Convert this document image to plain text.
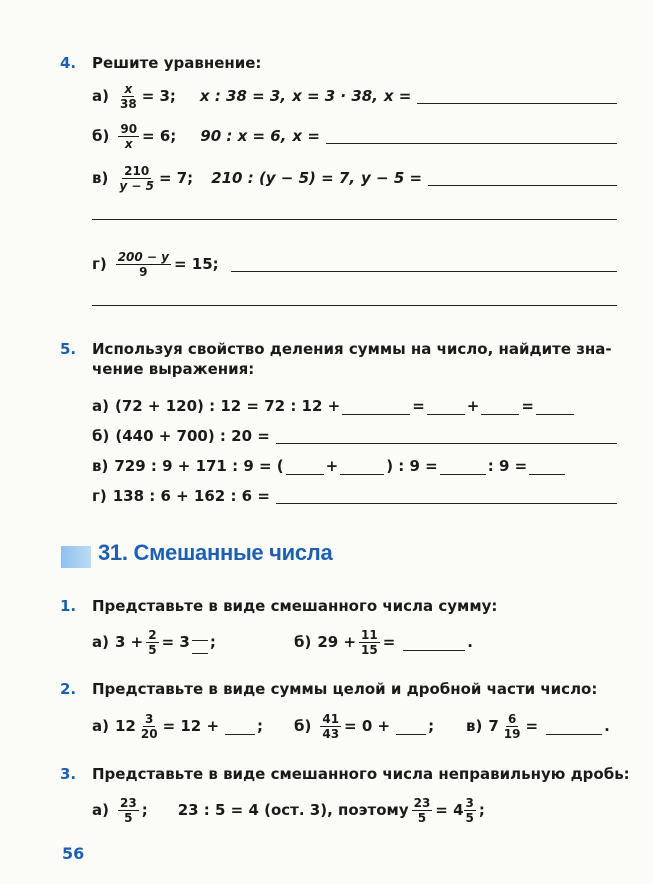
4. Решите уравнение:
$а) \frac{x}{38} = 3$; x : 38 = 3, x = 3 · 38, x =
$б) \frac{90}{x} = 6$; 90 : x = 6, x =
$в) \frac{210}{y - 5} = 7$; 210 : (y − 5) = 7, y − 5 =
$г) \frac{200 - y}{9} = 15$;
5. Используя свойство деления суммы на число, найдите зна-
чение выражения:
а) (72 + 120) : 12 = 72 : 12 +	=	+	=
б) (440 + 700) : 20 =
в) 729 : 9 + 171 : 9 = (	+	) : 9 =	: 9 =
г) 138 : 6 + 162 : 6 =
31. Смешанные числа
1. Представьте в виде смешанного числа сумму:
а) $3 + \frac{2}{5} = 3$ ;	б) $29 + \frac{11}{15}$ =	.
2. Представьте в виде суммы целой и дробной части число:
а) $12 \frac{3}{20} = 12$ +	; $б) \frac{41}{43} = 0$ +	; в) $7 \frac{6}{19}$ =	.
3. Представьте в виде смешанного числа неправильную дробь:
$а) \frac{23}{5}$ ; 23 : 5 = 4 (ост. 3), поэтому $\frac{23}{5} = 4 \frac{3}{5}$ ;
56
